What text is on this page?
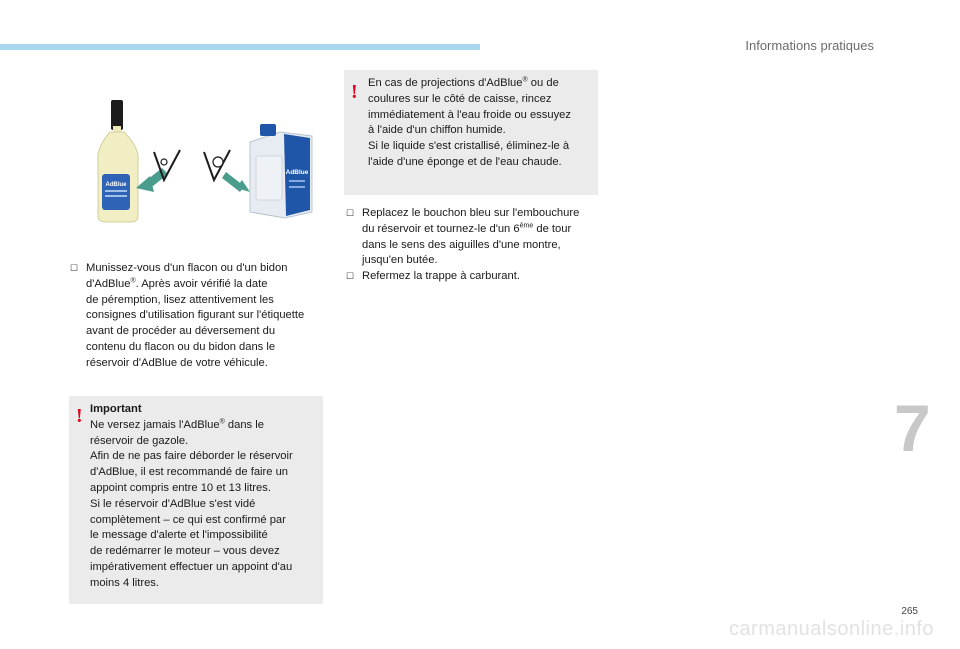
Informations pratiques
AdBlue
AdBlue
☐ Munissez-vous d'un flacon ou d'un bidon
d'AdBlue®. Après avoir vérifié la date
de péremption, lisez attentivement les
consignes d'utilisation figurant sur l'étiquette
avant de procéder au déversement du
contenu du flacon ou du bidon dans le
réservoir d'AdBlue de votre véhicule.
! Important
Ne versez jamais l'AdBlue® dans le
réservoir de gazole.
Afin de ne pas faire déborder le réservoir
d'AdBlue, il est recommandé de faire un
appoint compris entre 10 et 13 litres.
Si le réservoir d'AdBlue s'est vidé
complètement – ce qui est confirmé par
le message d'alerte et l'impossibilité
de redémarrer le moteur – vous devez
impérativement effectuer un appoint d'au
moins 4 litres.
! En cas de projections d'AdBlue® ou de
coulures sur le côté de caisse, rincez
immédiatement à l'eau froide ou essuyez
à l'aide d'un chiffon humide.
Si le liquide s'est cristallisé, éliminez-le à
l'aide d'une éponge et de l'eau chaude.
☐ Replacez le bouchon bleu sur l'embouchure
du réservoir et tournez-le d'un 6ème de tour
dans le sens des aiguilles d'une montre,
jusqu'en butée.
☐ Refermez la trappe à carburant.
7
265
carmanualsonline.info
